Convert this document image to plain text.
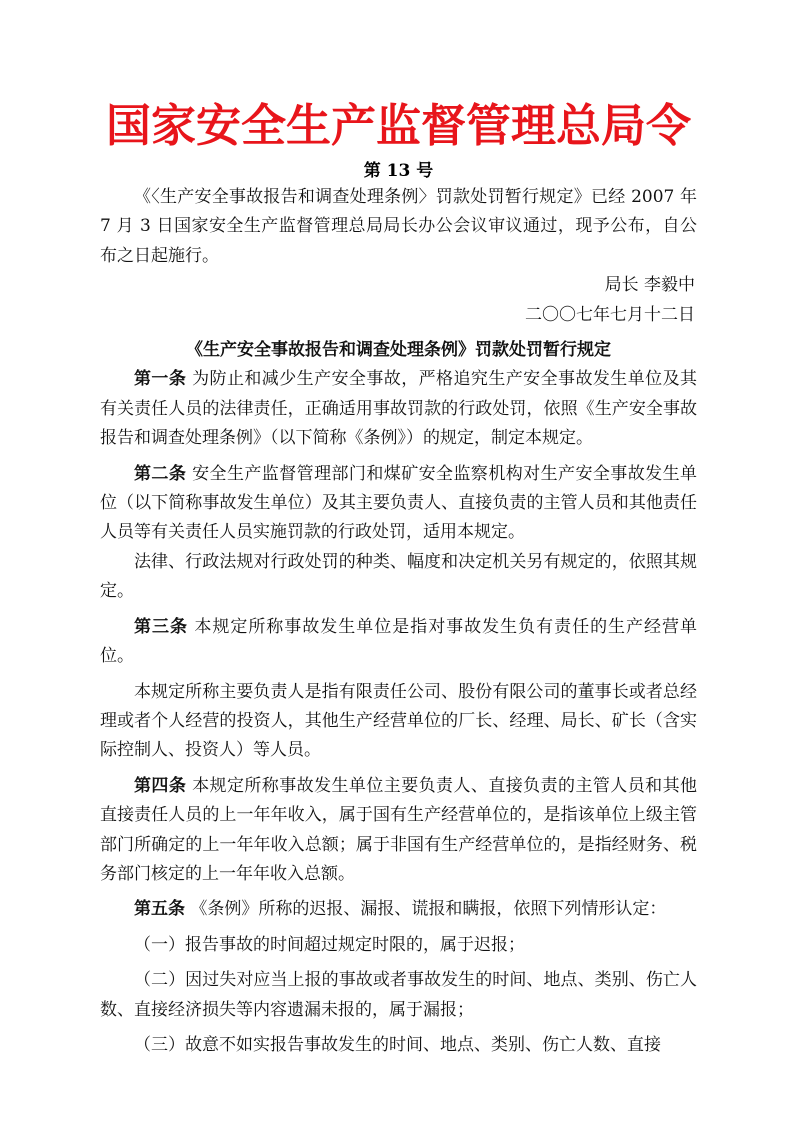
国家安全生产监督管理总局令
第 13 号

《〈生产安全事故报告和调查处理条例〉罚款处罚暂行规定》已经 2007 年 7 月 3 日国家安全生产监督管理总局局长办公会议审议通过，现予公布，自公布之日起施行。

局长 李毅中

二〇〇七年七月十二日

《生产安全事故报告和调查处理条例》罚款处罚暂行规定

第一条 为防止和减少生产安全事故，严格追究生产安全事故发生单位及其有关责任人员的法律责任，正确适用事故罚款的行政处罚，依照《生产安全事故报告和调查处理条例》（以下简称《条例》）的规定，制定本规定。

第二条 安全生产监督管理部门和煤矿安全监察机构对生产安全事故发生单位（以下简称事故发生单位）及其主要负责人、直接负责的主管人员和其他责任人员等有关责任人员实施罚款的行政处罚，适用本规定。

法律、行政法规对行政处罚的种类、幅度和决定机关另有规定的，依照其规定。

第三条 本规定所称事故发生单位是指对事故发生负有责任的生产经营单位。

本规定所称主要负责人是指有限责任公司、股份有限公司的董事长或者总经理或者个人经营的投资人，其他生产经营单位的厂长、经理、局长、矿长（含实际控制人、投资人）等人员。

第四条 本规定所称事故发生单位主要负责人、直接负责的主管人员和其他直接责任人员的上一年年收入，属于国有生产经营单位的，是指该单位上级主管部门所确定的上一年年收入总额；属于非国有生产经营单位的，是指经财务、税务部门核定的上一年年收入总额。

第五条 《条例》所称的迟报、漏报、谎报和瞒报，依照下列情形认定：

（一）报告事故的时间超过规定时限的，属于迟报；

（二）因过失对应当上报的事故或者事故发生的时间、地点、类别、伤亡人数、直接经济损失等内容遗漏未报的，属于漏报；

（三）故意不如实报告事故发生的时间、地点、类别、伤亡人数、直接
